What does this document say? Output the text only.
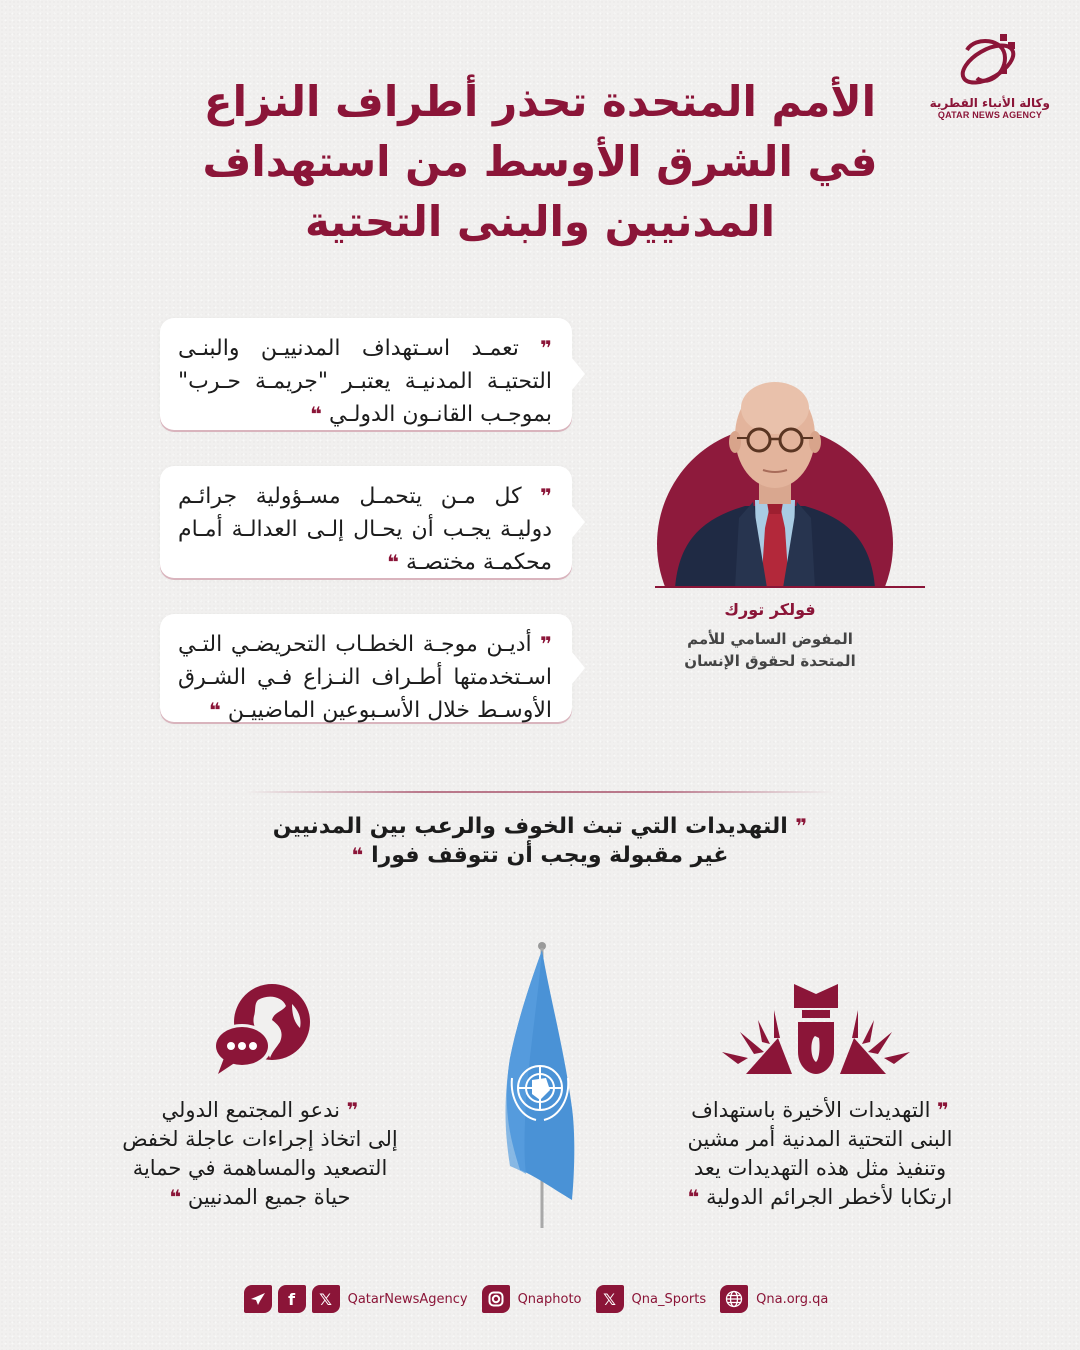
وكالة الأنباء القطرية
QATAR NEWS AGENCY
الأمم المتحدة تحذر أطراف النزاع
في الشرق الأوسط من استهداف
المدنيين والبنى التحتية
❞ تعمـد اسـتهداف المدنييـن والبنـى التحتيـة المدنيـة يعتبـر "جريمـة حـرب" بموجـب القانـون الدولـي ❝
❞ كل مـن يتحمـل مسـؤولية جرائـم دوليـة يجـب أن يحـال إلـى العدالـة أمـام محكمـة مختصـة ❝
❞ أديـن موجـة الخطـاب التحريضـي التـي اسـتخدمتها أطـراف النـزاع فـي الشـرق الأوسـط خلال الأسـبوعين الماضييـن ❝
فولكر تورك
المفوض السامي للأمم
المتحدة لحقوق الإنسان
❞ التهديدات التي تبث الخوف والرعب بين المدنيين
غير مقبولة ويجب أن تتوقف فورا ❝
❞ التهديدات الأخيرة باستهداف
البنى التحتية المدنية أمر مشين
وتنفيذ مثل هذه التهديدات يعد
ارتكابا لأخطر الجرائم الدولية ❝
❞ ندعو المجتمع الدولي
إلى اتخاذ إجراءات عاجلة لخفض
التصعيد والمساهمة في حماية
حياة جميع المدنيين ❝
f	𝕏	QatarNewsAgency	Qnaphoto	𝕏	Qna_Sports	Qna.org.qa
